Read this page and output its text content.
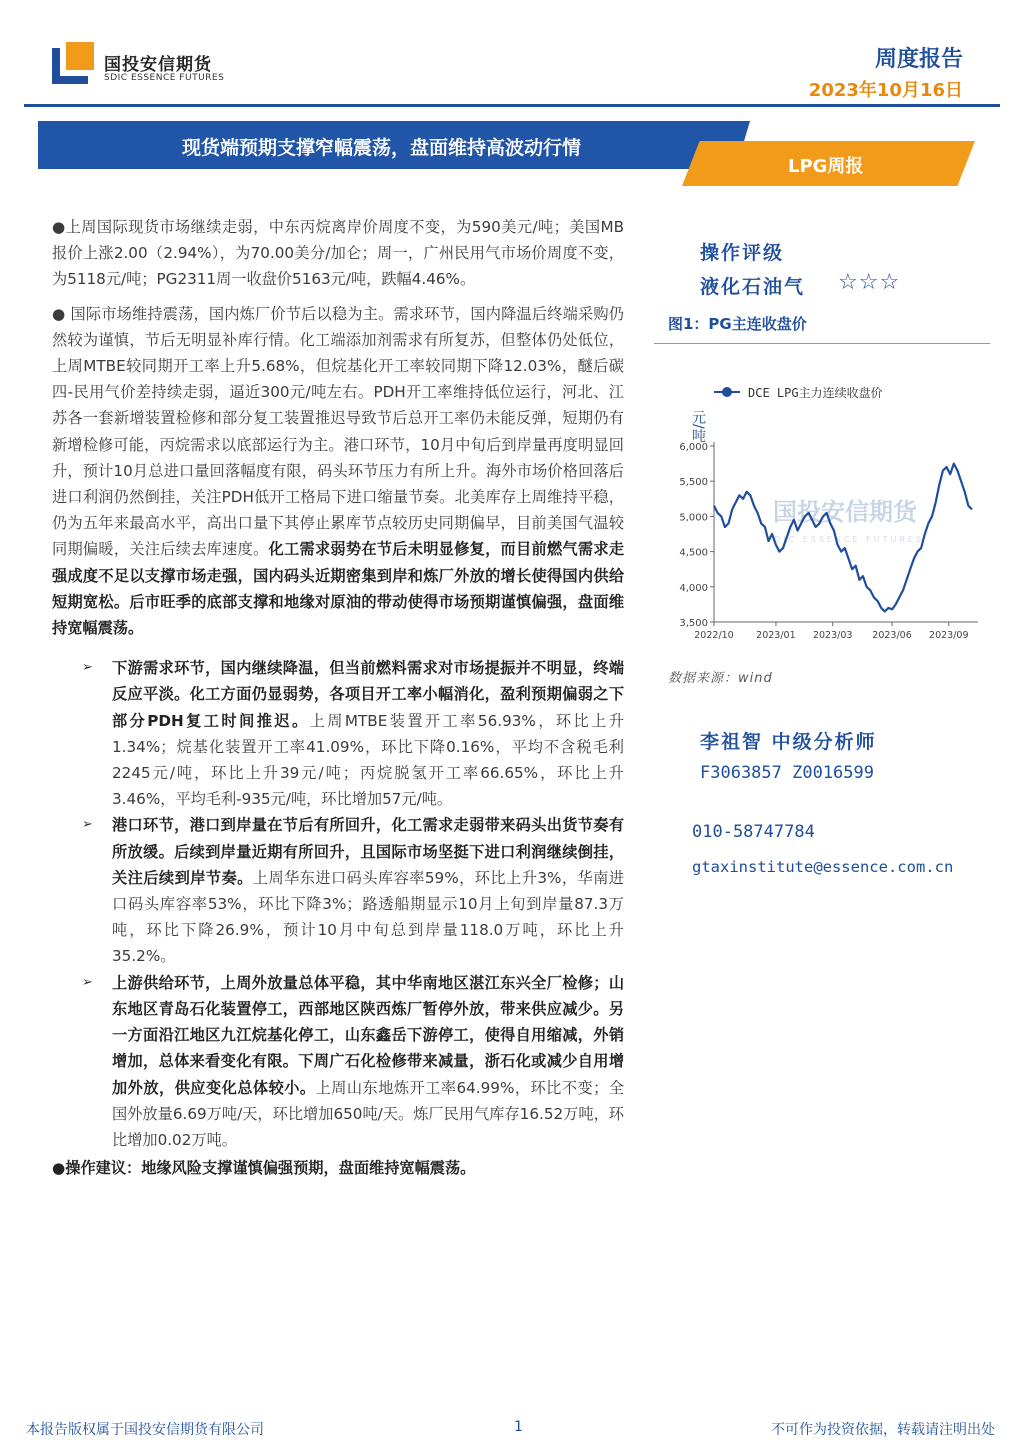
国投安信期货
SDIC ESSENCE FUTURES
周度报告
2023年10月16日
现货端预期支撑窄幅震荡，盘面维持高波动行情
LPG周报

●上周国际现货市场继续走弱，中东丙烷离岸价周度不变，为590美元/吨；美国MB报价上涨2.00（2.94%），为70.00美分/加仑；周一，广州民用气市场价周度不变，为5118元/吨；PG2311周一收盘价5163元/吨，跌幅4.46%。

● 国际市场维持震荡，国内炼厂价节后以稳为主。需求环节，国内降温后终端采购仍然较为谨慎，节后无明显补库行情。化工端添加剂需求有所复苏，但整体仍处低位，上周MTBE较同期开工率上升5.68%，但烷基化开工率较同期下降12.03%，醚后碳四-民用气价差持续走弱，逼近300元/吨左右。PDH开工率维持低位运行，河北、江苏各一套新增装置检修和部分复工装置推迟导致节后总开工率仍未能反弹，短期仍有新增检修可能，丙烷需求以底部运行为主。港口环节，10月中旬后到岸量再度明显回升，预计10月总进口量回落幅度有限，码头环节压力有所上升。海外市场价格回落后进口利润仍然倒挂，关注PDH低开工格局下进口缩量节奏。北美库存上周维持平稳，仍为五年来最高水平，高出口量下其停止累库节点较历史同期偏早，目前美国气温较同期偏暖，关注后续去库速度。化工需求弱势在节后未明显修复，而目前燃气需求走强成度不足以支撑市场走强，国内码头近期密集到岸和炼厂外放的增长使得国内供给短期宽松。后市旺季的底部支撑和地缘对原油的带动使得市场预期谨慎偏强，盘面维持宽幅震荡。

➢ 下游需求环节，国内继续降温，但当前燃料需求对市场提振并不明显，终端反应平淡。化工方面仍显弱势，各项目开工率小幅消化，盈利预期偏弱之下部分PDH复工时间推迟。上周MTBE装置开工率56.93%，环比上升1.34%；烷基化装置开工率41.09%，环比下降0.16%，平均不含税毛利2245元/吨，环比上升39元/吨；丙烷脱氢开工率66.65%，环比上升3.46%，平均毛利-935元/吨，环比增加57元/吨。
➢ 港口环节，港口到岸量在节后有所回升，化工需求走弱带来码头出货节奏有所放缓。后续到岸量近期有所回升，且国际市场坚挺下进口利润继续倒挂，关注后续到岸节奏。上周华东进口码头库容率59%，环比上升3%，华南进口码头库容率53%，环比下降3%；路透船期显示10月上旬到岸量87.3万吨，环比下降26.9%，预计10月中旬总到岸量118.0万吨，环比上升35.2%。
➢ 上游供给环节，上周外放量总体平稳，其中华南地区湛江东兴全厂检修；山东地区青岛石化装置停工，西部地区陕西炼厂暂停外放，带来供应减少。另一方面沿江地区九江烷基化停工，山东鑫岳下游停工，使得自用缩减，外销增加，总体来看变化有限。下周广石化检修带来减量，浙石化或减少自用增加外放，供应变化总体较小。上周山东地炼开工率64.99%，环比不变；全国外放量6.69万吨/天，环比增加650吨/天。炼厂民用气库存16.52万吨，环比增加0.02万吨。

●操作建议：地缘风险支撑谨慎偏强预期，盘面维持宽幅震荡。

操作评级
液化石油气 ☆☆☆
图1：PG主连收盘价
国投安信期货
SDIC ESSENCE FUTURES
3,500
4,000
4,500
5,000
5,500
6,000
2022/10 2023/01 2023/03 2023/06 2023/09
元/吨
DCE LPG主力连续收盘价
数据来源：wind
李祖智 中级分析师
F3063857 Z0016599
010-58747784
gtaxinstitute@essence.com.cn
本报告版权属于国投安信期货有限公司	1	不可作为投资依据，转载请注明出处
